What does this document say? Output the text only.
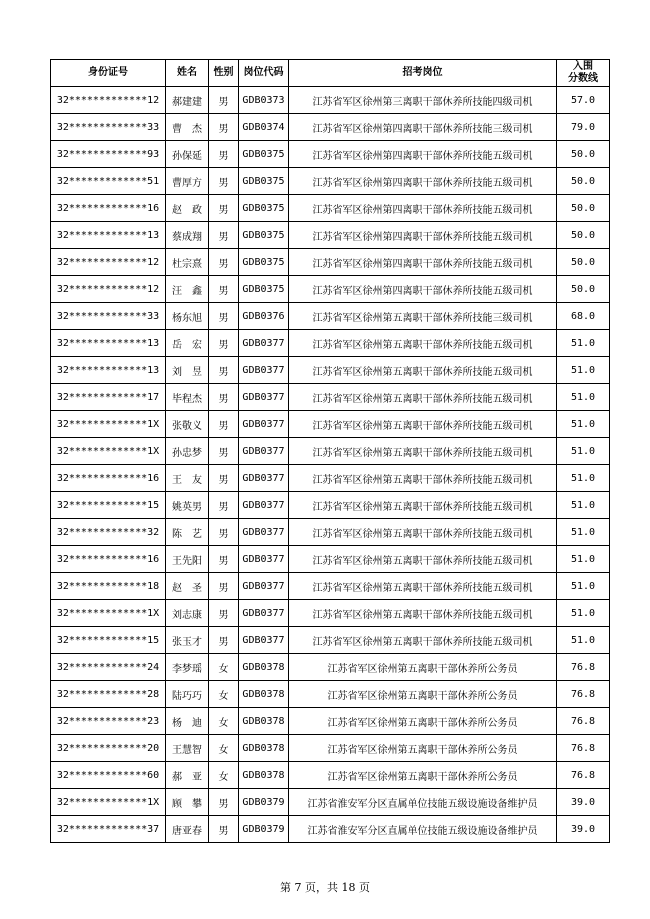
身份证号	姓名	性别	岗位代码	招考岗位	入围
分数线

32*************12	郝建建	男	GDB0373	江苏省军区徐州第三离职干部休养所技能四级司机	57.0
32*************33	曹　杰	男	GDB0374	江苏省军区徐州第四离职干部休养所技能三级司机	79.0
32*************93	孙保延	男	GDB0375	江苏省军区徐州第四离职干部休养所技能五级司机	50.0
32*************51	曹厚方	男	GDB0375	江苏省军区徐州第四离职干部休养所技能五级司机	50.0
32*************16	赵　政	男	GDB0375	江苏省军区徐州第四离职干部休养所技能五级司机	50.0
32*************13	蔡成翔	男	GDB0375	江苏省军区徐州第四离职干部休养所技能五级司机	50.0
32*************12	杜宗熹	男	GDB0375	江苏省军区徐州第四离职干部休养所技能五级司机	50.0
32*************12	汪　鑫	男	GDB0375	江苏省军区徐州第四离职干部休养所技能五级司机	50.0
32*************33	杨东旭	男	GDB0376	江苏省军区徐州第五离职干部休养所技能三级司机	68.0
32*************13	岳　宏	男	GDB0377	江苏省军区徐州第五离职干部休养所技能五级司机	51.0
32*************13	刘　昱	男	GDB0377	江苏省军区徐州第五离职干部休养所技能五级司机	51.0
32*************17	毕程杰	男	GDB0377	江苏省军区徐州第五离职干部休养所技能五级司机	51.0
32*************1X	张敬义	男	GDB0377	江苏省军区徐州第五离职干部休养所技能五级司机	51.0
32*************1X	孙忠梦	男	GDB0377	江苏省军区徐州第五离职干部休养所技能五级司机	51.0
32*************16	王　友	男	GDB0377	江苏省军区徐州第五离职干部休养所技能五级司机	51.0
32*************15	姚英男	男	GDB0377	江苏省军区徐州第五离职干部休养所技能五级司机	51.0
32*************32	陈　艺	男	GDB0377	江苏省军区徐州第五离职干部休养所技能五级司机	51.0
32*************16	王先阳	男	GDB0377	江苏省军区徐州第五离职干部休养所技能五级司机	51.0
32*************18	赵　圣	男	GDB0377	江苏省军区徐州第五离职干部休养所技能五级司机	51.0
32*************1X	刘志康	男	GDB0377	江苏省军区徐州第五离职干部休养所技能五级司机	51.0
32*************15	张玉才	男	GDB0377	江苏省军区徐州第五离职干部休养所技能五级司机	51.0
32*************24	李梦瑶	女	GDB0378	江苏省军区徐州第五离职干部休养所公务员	76.8
32*************28	陆巧巧	女	GDB0378	江苏省军区徐州第五离职干部休养所公务员	76.8
32*************23	杨　迪	女	GDB0378	江苏省军区徐州第五离职干部休养所公务员	76.8
32*************20	王慧智	女	GDB0378	江苏省军区徐州第五离职干部休养所公务员	76.8
32*************60	郝　亚	女	GDB0378	江苏省军区徐州第五离职干部休养所公务员	76.8
32*************1X	顾　攀	男	GDB0379	江苏省淮安军分区直属单位技能五级设施设备维护员	39.0
32*************37	唐亚春	男	GDB0379	江苏省淮安军分区直属单位技能五级设施设备维护员	39.0
第 7 页，共 18 页
